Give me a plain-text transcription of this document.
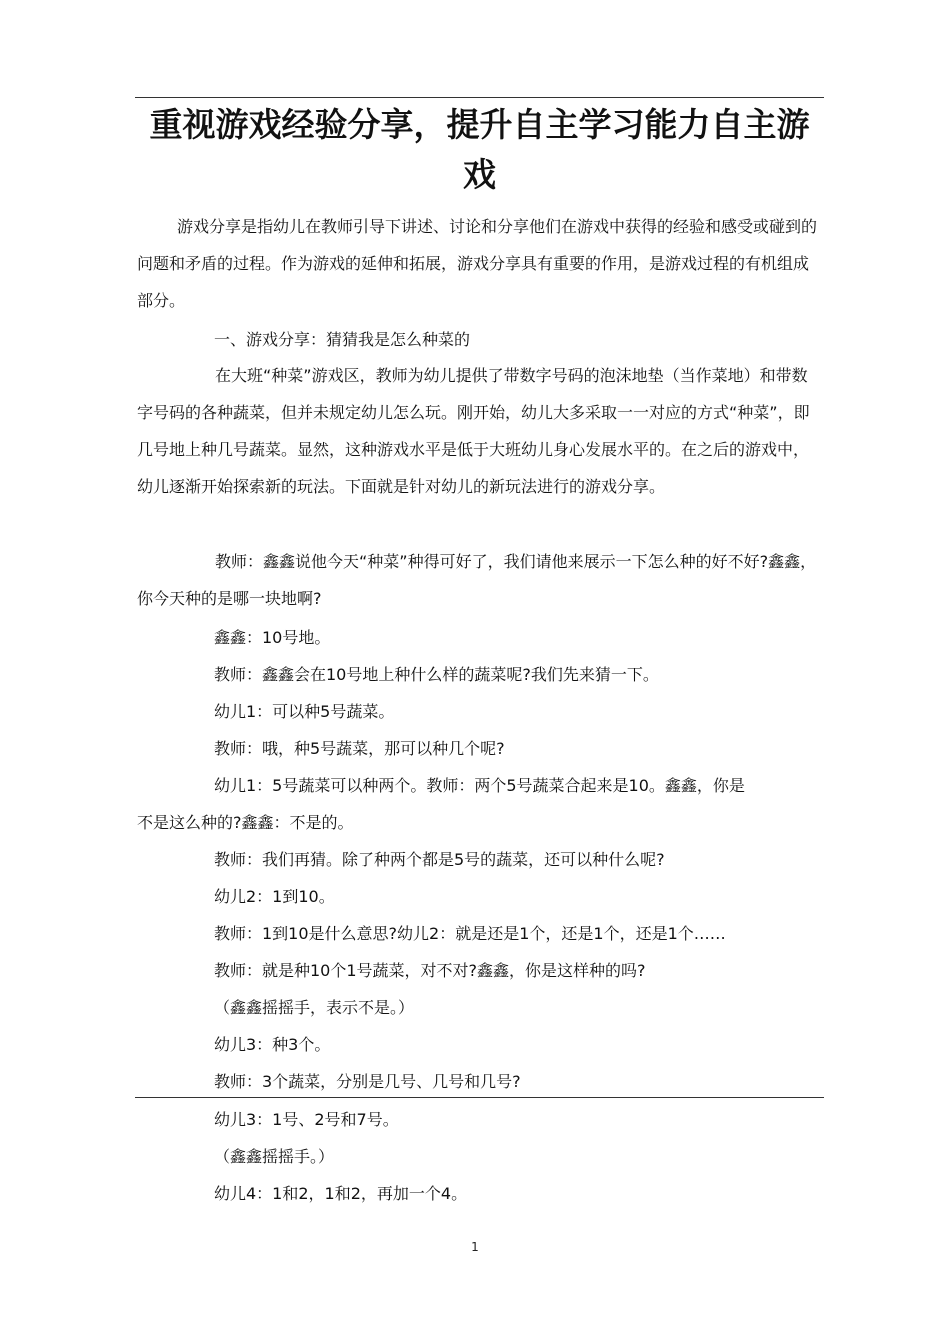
重视游戏经验分享，提升自主学习能力自主游戏

游戏分享是指幼儿在教师引导下讲述、讨论和分享他们在游戏中获得的经验和感受或碰到的问题和矛盾的过程。作为游戏的延伸和拓展，游戏分享具有重要的作用，是游戏过程的有机组成部分。

一、游戏分享：猜猜我是怎么种菜的

在大班“种菜”游戏区，教师为幼儿提供了带数字号码的泡沫地垫（当作菜地）和带数字号码的各种蔬菜，但并未规定幼儿怎么玩。刚开始，幼儿大多采取一一对应的方式“种菜”，即几号地上种几号蔬菜。显然，这种游戏水平是低于大班幼儿身心发展水平的。在之后的游戏中，幼儿逐渐开始探索新的玩法。下面就是针对幼儿的新玩法进行的游戏分享。

教师：鑫鑫说他今天“种菜”种得可好了，我们请他来展示一下怎么种的好不好?鑫鑫，你今天种的是哪一块地啊?

鑫鑫：10号地。

教师：鑫鑫会在10号地上种什么样的蔬菜呢?我们先来猜一下。

幼儿1：可以种5号蔬菜。

教师：哦，种5号蔬菜，那可以种几个呢?

幼儿1：5号蔬菜可以种两个。教师：两个5号蔬菜合起来是10。鑫鑫，你是

不是这么种的?鑫鑫：不是的。

教师：我们再猜。除了种两个都是5号的蔬菜，还可以种什么呢?

幼儿2：1到10。

教师：1到10是什么意思?幼儿2：就是还是1个，还是1个，还是1个……

教师：就是种10个1号蔬菜，对不对?鑫鑫，你是这样种的吗?

（鑫鑫摇摇手，表示不是。）

幼儿3：种3个。

教师：3个蔬菜，分别是几号、几号和几号?

幼儿3：1号、2号和7号。

（鑫鑫摇摇手。）

幼儿4：1和2，1和2，再加一个4。

1
